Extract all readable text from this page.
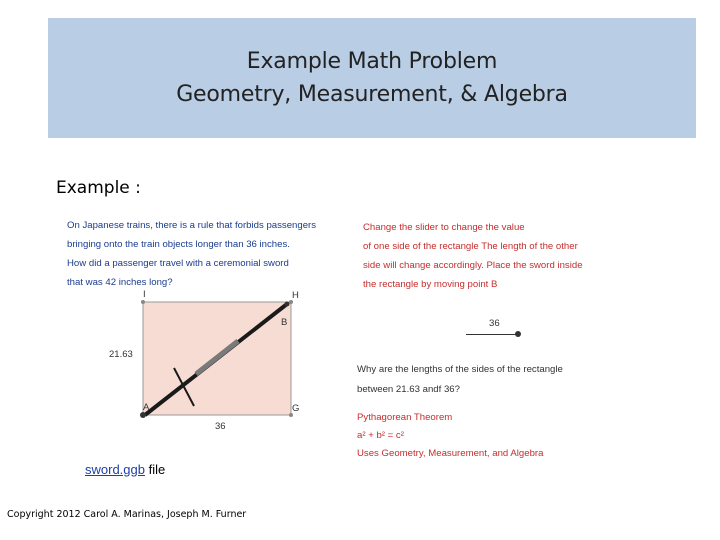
Example Math Problem
Geometry, Measurement, & Algebra
Example :
On Japanese trains, there is a rule that forbids passengers
bringing onto the train objects longer than 36 inches.
How did a passenger travel with a ceremonial sword
that was 42 inches long?
Change the slider to change the value
of one side of the rectangle The length of the other
side will change accordingly. Place the sword inside
the rectangle by moving point B
36
I	H
B
A	G
21.63
36
Why are the lengths of the sides of the rectangle
between 21.63 andf 36?
Pythagorean Theorem
a² + b² = c²
Uses Geometry, Measurement, and Algebra
sword.ggb file
Copyright 2012 Carol A. Marinas, Joseph M. Furner
